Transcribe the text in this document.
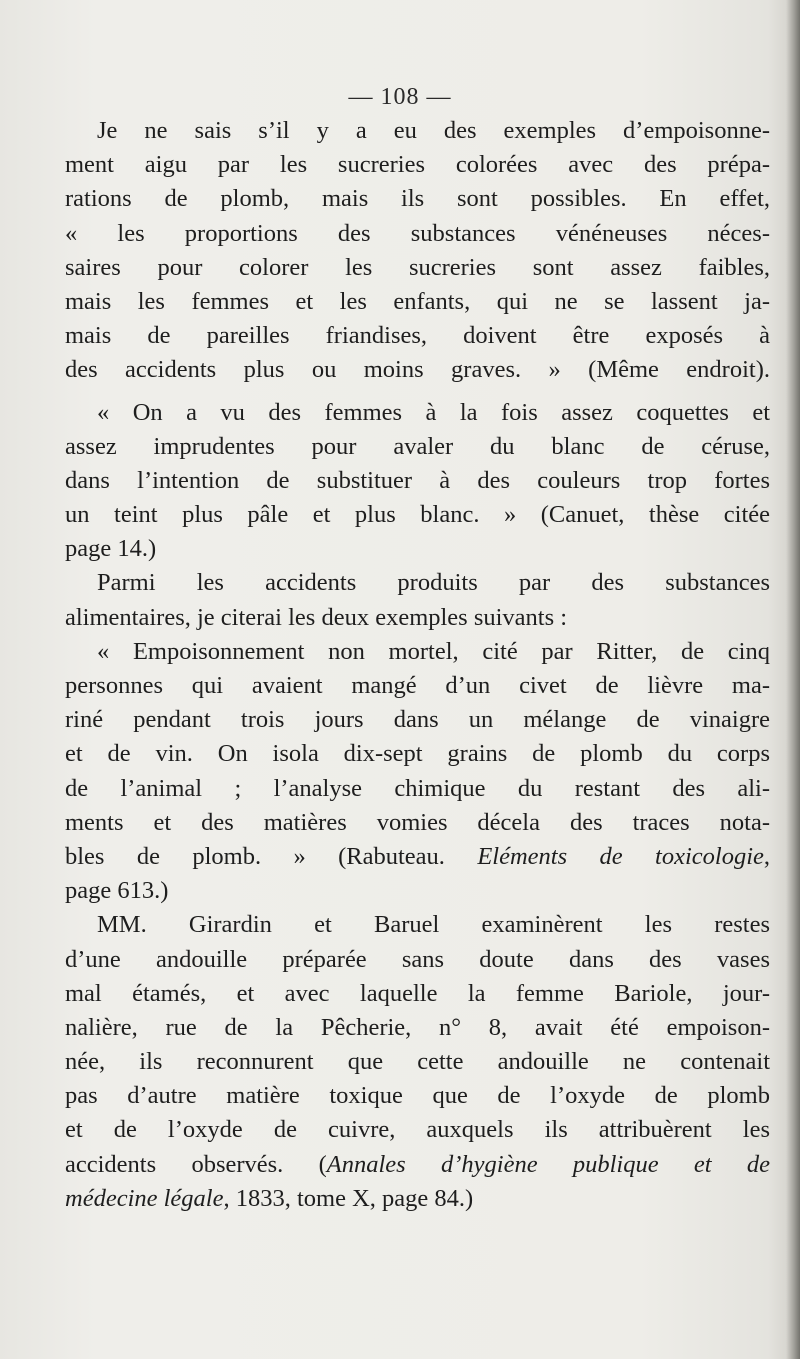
— 108 —
Je ne sais s’il y a eu des exemples d’empoisonne-
ment aigu par les sucreries colorées avec des prépa-
rations de plomb, mais ils sont possibles. En effet,
« les proportions des substances vénéneuses néces-
saires pour colorer les sucreries sont assez faibles,
mais les femmes et les enfants, qui ne se lassent ja-
mais de pareilles friandises, doivent être exposés à
des accidents plus ou moins graves. » (Même endroit).
« On a vu des femmes à la fois assez coquettes et
assez imprudentes pour avaler du blanc de céruse,
dans l’intention de substituer à des couleurs trop fortes
un teint plus pâle et plus blanc. » (Canuet, thèse citée
page 14.)
Parmi les accidents produits par des substances
alimentaires, je citerai les deux exemples suivants :
« Empoisonnement non mortel, cité par Ritter, de cinq
personnes qui avaient mangé d’un civet de lièvre ma-
riné pendant trois jours dans un mélange de vinaigre
et de vin. On isola dix-sept grains de plomb du corps
de l’animal ; l’analyse chimique du restant des ali-
ments et des matières vomies décela des traces nota-
bles de plomb. » (Rabuteau. Eléments de toxicologie,
page 613.)
MM. Girardin et Baruel examinèrent les restes
d’une andouille préparée sans doute dans des vases
mal étamés, et avec laquelle la femme Bariole, jour-
nalière, rue de la Pêcherie, n° 8, avait été empoison-
née, ils reconnurent que cette andouille ne contenait
pas d’autre matière toxique que de l’oxyde de plomb
et de l’oxyde de cuivre, auxquels ils attribuèrent les
accidents observés. (Annales d’hygiène publique et de
médecine légale, 1833, tome X, page 84.)
